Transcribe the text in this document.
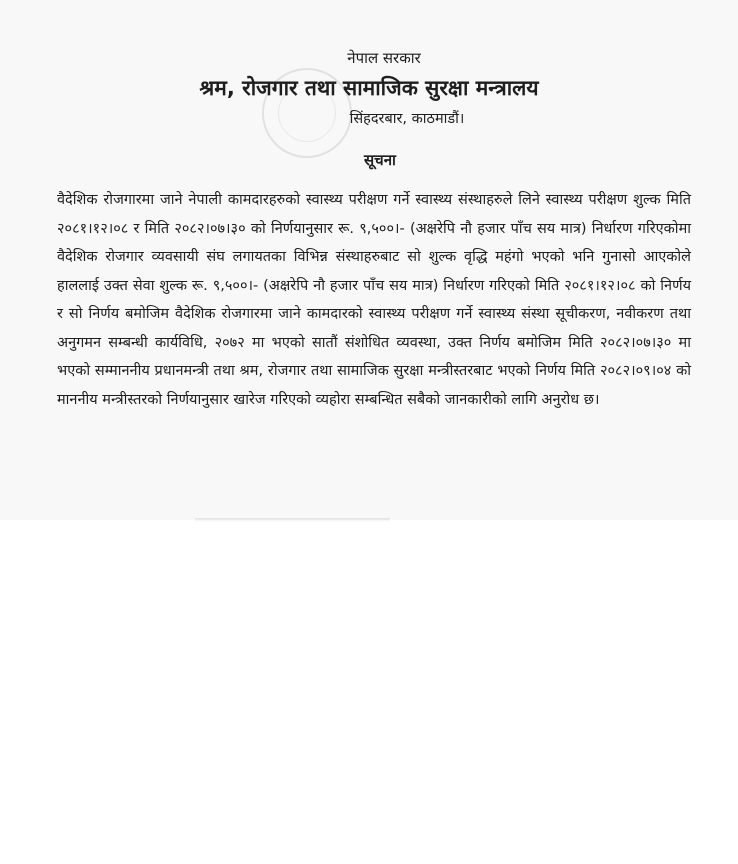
नेपाल सरकार
श्रम, रोजगार तथा सामाजिक सुरक्षा मन्त्रालय
सिंहदरबार, काठमाडौं।
सूचना

वैदेशिक रोजगारमा जाने नेपाली कामदारहरुको स्वास्थ्य परीक्षण गर्ने स्वास्थ्य संस्थाहरुले लिने स्वास्थ्य परीक्षण शुल्क मिति २०८१।१२।०८ र मिति २०८२।०७।३० को निर्णयानुसार रू. ९,५००।- (अक्षरेपि नौ हजार पाँच सय मात्र) निर्धारण गरिएकोमा वैदेशिक रोजगार व्यवसायी संघ लगायतका विभिन्न संस्थाहरुबाट सो शुल्क वृद्धि महंगो भएको भनि गुनासो आएकोले हाललाई उक्त सेवा शुल्क रू. ९,५००।- (अक्षरेपि नौ हजार पाँच सय मात्र) निर्धारण गरिएको मिति २०८१।१२।०८ को निर्णय र सो निर्णय बमोजिम वैदेशिक रोजगारमा जाने कामदारको स्वास्थ्य परीक्षण गर्ने स्वास्थ्य संस्था सूचीकरण, नवीकरण तथा अनुगमन सम्बन्धी कार्यविधि, २०७२ मा भएको सातौं संशोधित व्यवस्था, उक्त निर्णय बमोजिम मिति २०८२।०७।३० मा भएको सम्माननीय प्रधानमन्त्री तथा श्रम, रोजगार तथा सामाजिक सुरक्षा मन्त्रीस्तरबाट भएको निर्णय मिति २०८२।०९।०४ को माननीय मन्त्रीस्तरको निर्णयानुसार खारेज गरिएको व्यहोरा सम्बन्धित सबैको जानकारीको लागि अनुरोध छ।
